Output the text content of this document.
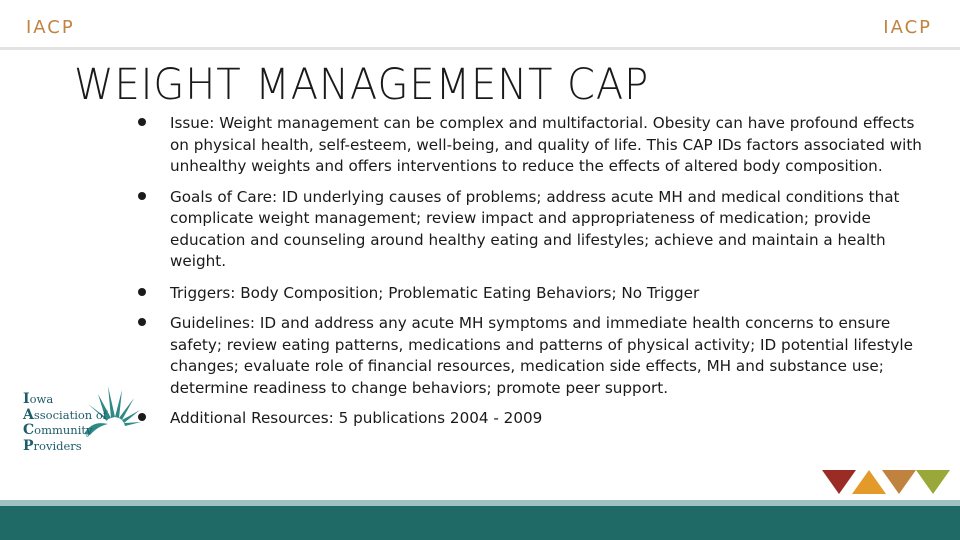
IACP	IACP
WEIGHT MANAGEMENT CAP
Issue: Weight management can be complex and multifactorial. Obesity can have profound effects on physical health, self-esteem, well-being, and quality of life. This CAP IDs factors associated with unhealthy weights and offers interventions to reduce the effects of altered body composition.
Goals of Care: ID underlying causes of problems; address acute MH and medical conditions that complicate weight management; review impact and appropriateness of medication; provide education and counseling around healthy eating and lifestyles; achieve and maintain a health weight.
Triggers: Body Composition; Problematic Eating Behaviors; No Trigger
Guidelines: ID and address any acute MH symptoms and immediate health concerns to ensure safety; review eating patterns, medications and patterns of physical activity; ID potential lifestyle changes; evaluate role of financial resources, medication side effects, MH and substance use; determine readiness to change behaviors; promote peer support.
Additional Resources: 5 publications 2004 - 2009
Iowa
Association of
Community
Providers
